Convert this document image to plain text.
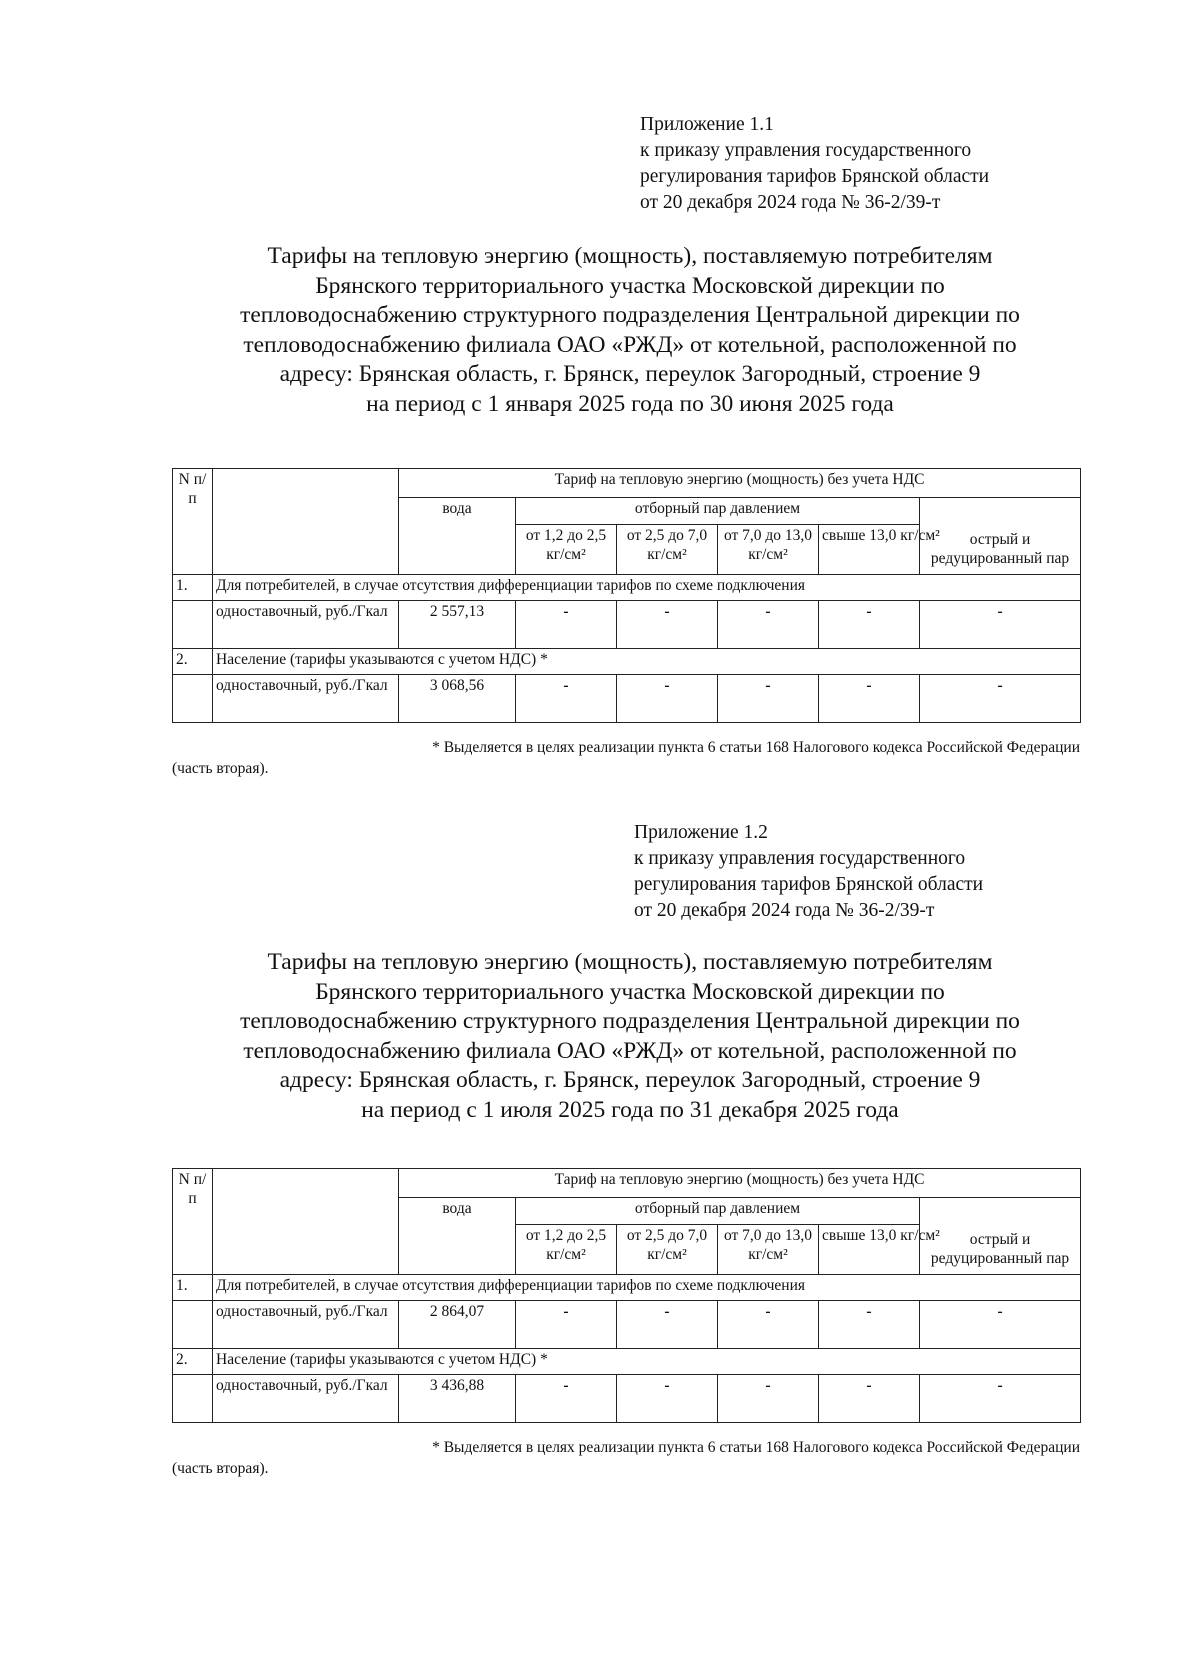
Приложение 1.1
к приказу управления государственного
регулирования тарифов Брянской области
от 20 декабря 2024 года № 36-2/39-т
Тарифы на тепловую энергию (мощность), поставляемую потребителям
Брянского территориального участка Московской дирекции по
тепловодоснабжению структурного подразделения Центральной дирекции по
тепловодоснабжению филиала ОАО «РЖД» от котельной, расположенной по
адресу: Брянская область, г. Брянск, переулок Загородный, строение 9
на период с 1 января 2025 года по 30 июня 2025 года
N п/п		Тариф на тепловую энергию (мощность) без учета НДС					
		вода	отборный пар давлением				острый и редуцированный пар
			от 1,2 до 2,5 кг/см²	от 2,5 до 7,0 кг/см²	от 7,0 до 13,0 кг/см²	свыше 13,0 кг/см²	
1.	Для потребителей, в случае отсутствия дифференциации тарифов по схеме подключения						
	одноставочный, руб./Гкал	2 557,13	-	-	-	-	-
2.	Население (тарифы указываются с учетом НДС) *						
	одноставочный, руб./Гкал	3 068,56	-	-	-	-	-
* Выделяется в целях реализации пункта 6 статьи 168 Налогового кодекса Российской Федерации
(часть вторая).
Приложение 1.2
к приказу управления государственного
регулирования тарифов Брянской области
от 20 декабря 2024 года № 36-2/39-т
Тарифы на тепловую энергию (мощность), поставляемую потребителям
Брянского территориального участка Московской дирекции по
тепловодоснабжению структурного подразделения Центральной дирекции по
тепловодоснабжению филиала ОАО «РЖД» от котельной, расположенной по
адресу: Брянская область, г. Брянск, переулок Загородный, строение 9
на период с 1 июля 2025 года по 31 декабря 2025 года
N п/п		Тариф на тепловую энергию (мощность) без учета НДС					
		вода	отборный пар давлением				острый и редуцированный пар
			от 1,2 до 2,5 кг/см²	от 2,5 до 7,0 кг/см²	от 7,0 до 13,0 кг/см²	свыше 13,0 кг/см²	
1.	Для потребителей, в случае отсутствия дифференциации тарифов по схеме подключения						
	одноставочный, руб./Гкал	2 864,07	-	-	-	-	-
2.	Население (тарифы указываются с учетом НДС) *						
	одноставочный, руб./Гкал	3 436,88	-	-	-	-	-
* Выделяется в целях реализации пункта 6 статьи 168 Налогового кодекса Российской Федерации
(часть вторая).
